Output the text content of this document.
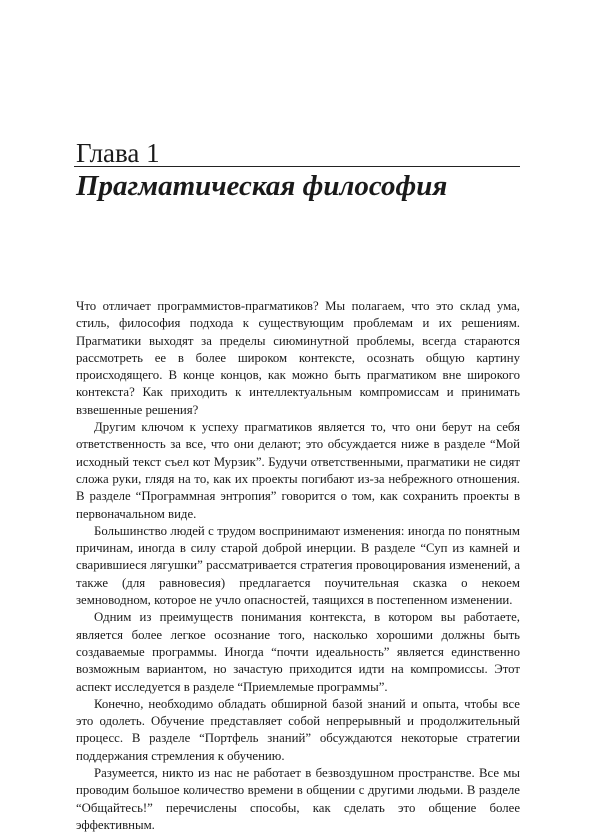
Глава 1
Прагматическая философия

Что отличает программистов-прагматиков? Мы полагаем, что это склад ума, стиль, философия подхода к существующим проблемам и их решениям. Прагматики выходят за пределы сиюминутной проблемы, всегда стараются рассмотреть ее в более широком контексте, осознать общую картину происходящего. В конце концов, как можно быть прагматиком вне широкого контекста? Как приходить к интеллектуальным компромиссам и принимать взвешенные решения?

Другим ключом к успеху прагматиков является то, что они берут на себя ответственность за все, что они делают; это обсуждается ниже в разделе “Мой исходный текст съел кот Мурзик”. Будучи ответственными, прагматики не сидят сложа руки, глядя на то, как их проекты погибают из-за небрежного отношения. В разделе “Программная энтропия” говорится о том, как сохранить проекты в первоначальном виде.

Большинство людей с трудом воспринимают изменения: иногда по понятным причинам, иногда в силу старой доброй инерции. В разделе “Суп из камней и сварившиеся лягушки” рассматривается стратегия провоцирования изменений, а также (для равновесия) предлагается поучительная сказка о некоем земноводном, которое не учло опасностей, таящихся в постепенном изменении.

Одним из преимуществ понимания контекста, в котором вы работаете, является более легкое осознание того, насколько хорошими должны быть создаваемые программы. Иногда “почти идеальность” является единственно возможным вариантом, но зачастую приходится идти на компромиссы. Этот аспект исследуется в разделе “Приемлемые программы”.

Конечно, необходимо обладать обширной базой знаний и опыта, чтобы все это одолеть. Обучение представляет собой непрерывный и продолжительный процесс. В разделе “Портфель знаний” обсуждаются некоторые стратегии поддержания стремления к обучению.

Разумеется, никто из нас не работает в безвоздушном пространстве. Все мы проводим большое количество времени в общении с другими людьми. В разделе “Общайтесь!” перечислены способы, как сделать это общение более эффективным.
